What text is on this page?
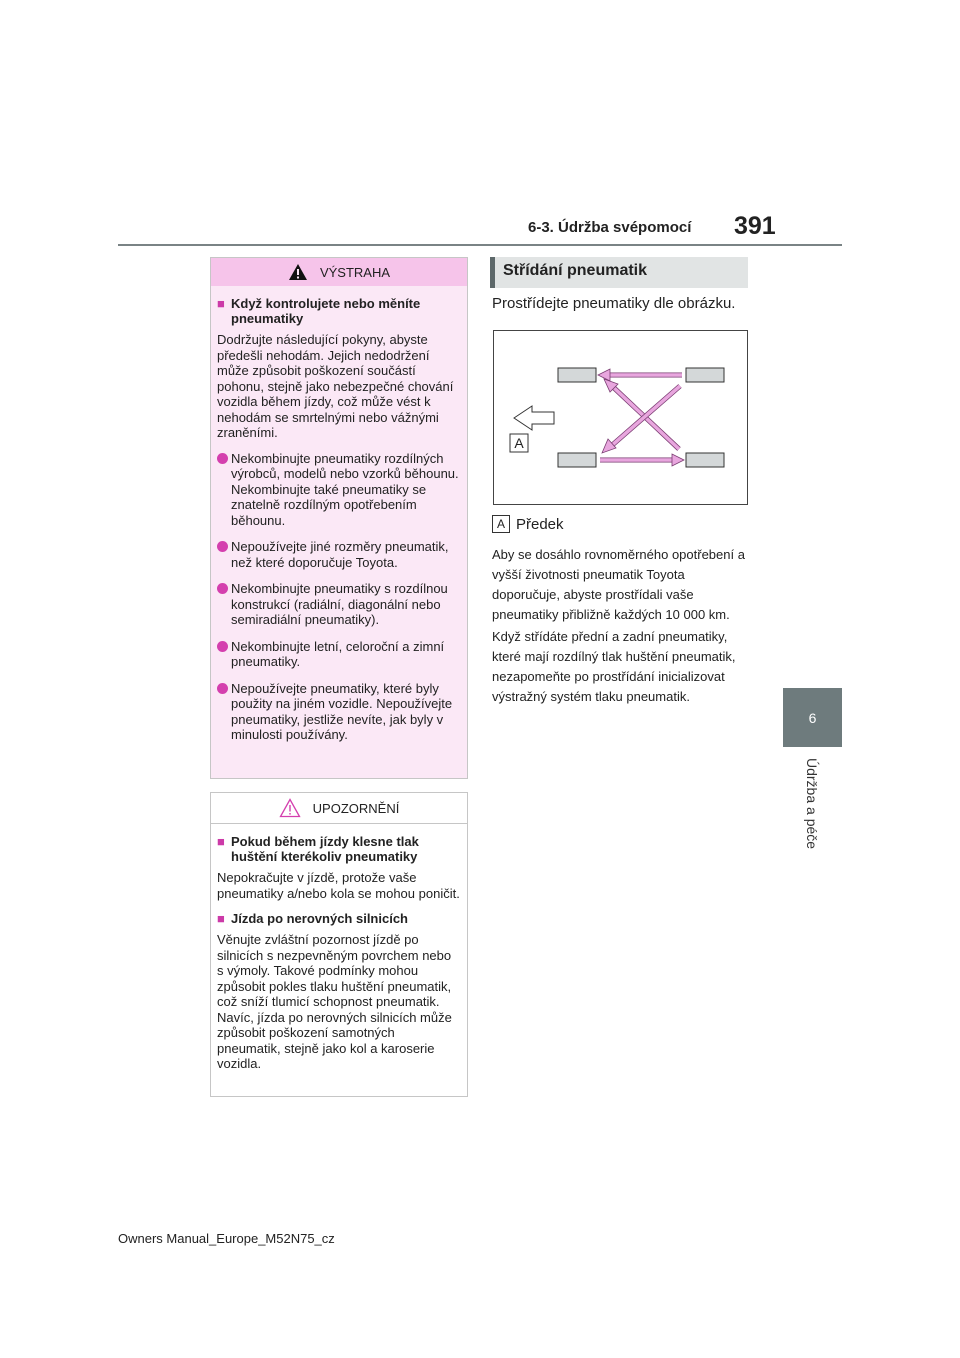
6-3. Údržba svépomocí 391
6
Údržba a péče
VÝSTRAHA
■ Když kontrolujete nebo měníte pneumatiky
Dodržujte následující pokyny, abyste předešli nehodám. Jejich nedodržení může způsobit poškození součástí pohonu, stejně jako nebezpečné chování vozidla během jízdy, což může vést k nehodám se smrtelnými nebo vážnými zraněními.
Nekombinujte pneumatiky rozdílných výrobců, modelů nebo vzorků běhounu. Nekombinujte také pneumatiky se znatelně rozdílným opotřebením běhounu.
Nepoužívejte jiné rozměry pneumatik, než které doporučuje Toyota.
Nekombinujte pneumatiky s rozdílnou konstrukcí (radiální, diagonální nebo semiradiální pneumatiky).
Nekombinujte letní, celoroční a zimní pneumatiky.
Nepoužívejte pneumatiky, které byly použity na jiném vozidle. Nepoužívejte pneumatiky, jestliže nevíte, jak byly v minulosti používány.
UPOZORNĚNÍ
■ Pokud během jízdy klesne tlak huštění kterékoliv pneumatiky
Nepokračujte v jízdě, protože vaše pneumatiky a/nebo kola se mohou poničit.
■ Jízda po nerovných silnicích
Věnujte zvláštní pozornost jízdě po silnicích s nezpevněným povrchem nebo s výmoly. Takové podmínky mohou způsobit pokles tlaku huštění pneumatik, což sníží tlumicí schopnost pneumatik. Navíc, jízda po nerovných silnicích může způsobit poškození samotných pneumatik, stejně jako kol a karoserie vozidla.
Střídání pneumatik
Prostřídejte pneumatiky dle obrázku.
A
A Předek
Aby se dosáhlo rovnoměrného opotřebení a vyšší životnosti pneumatik Toyota doporučuje, abyste prostřídali vaše pneumatiky přibližně každých 10 000 km.
Když střídáte přední a zadní pneumatiky, které mají rozdílný tlak huštění pneumatik, nezapomeňte po prostřídání inicializovat výstražný systém tlaku pneumatik.
Owners Manual_Europe_M52N75_cz
